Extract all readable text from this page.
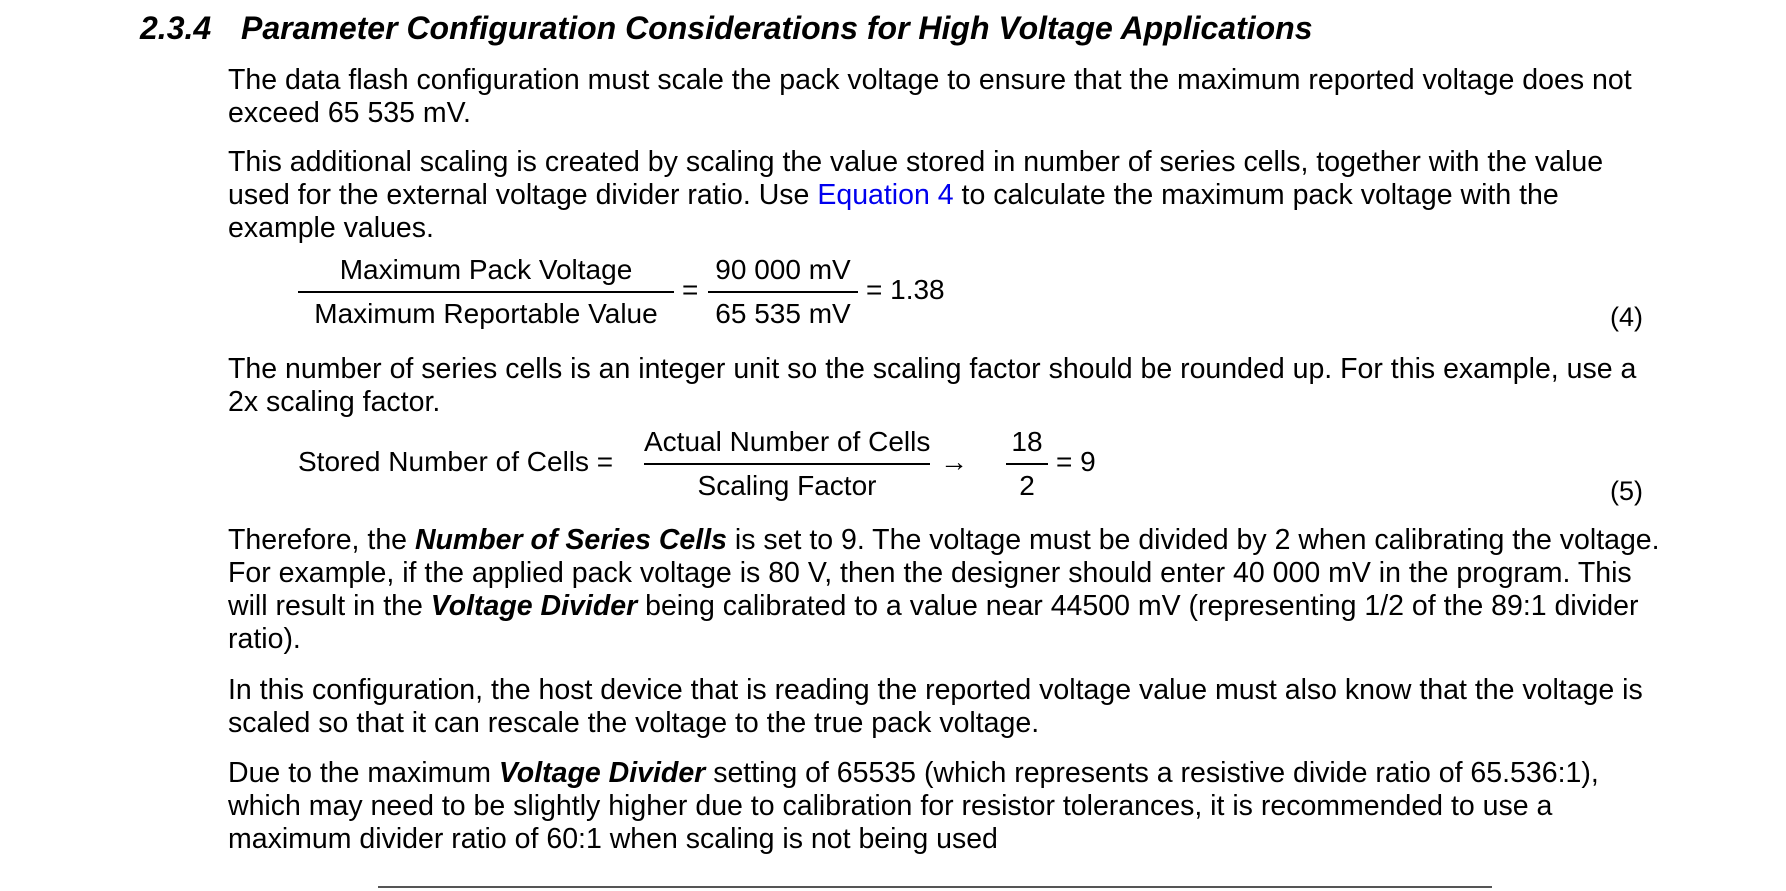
2.3.4 Parameter Configuration Considerations for High Voltage Applications

The data flash configuration must scale the pack voltage to ensure that the maximum reported voltage does not exceed 65 535 mV.

This additional scaling is created by scaling the value stored in number of series cells, together with the value used for the external voltage divider ratio. Use Equation 4 to calculate the maximum pack voltage with the example values.

Maximum Pack Voltage
Maximum Reportable Value
=
90 000 mV
65 535 mV
= 1.38
(4)

The number of series cells is an integer unit so the scaling factor should be rounded up. For this example, use a 2x scaling factor.

Stored Number of Cells =
Actual Number of Cells
Scaling Factor
→
18
2
= 9
(5)

Therefore, the Number of Series Cells is set to 9. The voltage must be divided by 2 when calibrating the voltage. For example, if the applied pack voltage is 80 V, then the designer should enter 40 000 mV in the program. This will result in the Voltage Divider being calibrated to a value near 44500 mV (representing 1/2 of the 89:1 divider ratio).

In this configuration, the host device that is reading the reported voltage value must also know that the voltage is scaled so that it can rescale the voltage to the true pack voltage.

Due to the maximum Voltage Divider setting of 65535 (which represents a resistive divide ratio of 65.536:1), which may need to be slightly higher due to calibration for resistor tolerances, it is recommended to use a maximum divider ratio of 60:1 when scaling is not being used
